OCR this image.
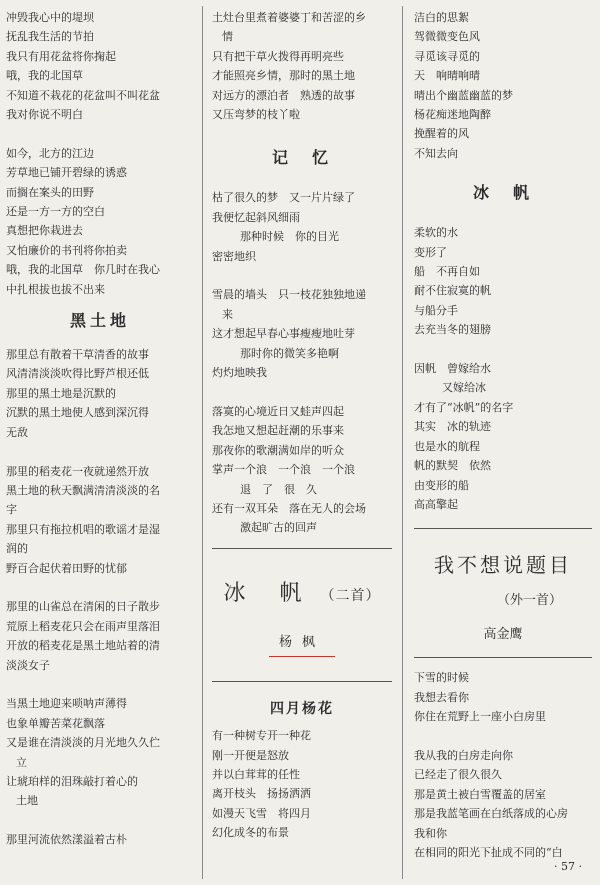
冲毁我心中的堤坝
抚乱我生活的节拍
我只有用花盆将你掬起
哦，我的北国草
不知道不栽花的花盆叫不叫花盆
我对你说不明白
如今，北方的江边
芳草地已铺开碧绿的诱惑
而搁在案头的田野
还是一方一方的空白
真想把你栽进去
又怕廉价的书刊将你拍卖
哦，我的北国草　你几时在我心
中扎根拔也拔不出来
黑土地
那里总有散着干草清香的故事
风清清淡淡吹得比野芦根还低
那里的黑土地是沉默的
沉默的黑土地使人感到深沉得
无敌
那里的稻麦花一夜就递然开放
黑土地的秋天飘满清清淡淡的名
字
那里只有拖拉机唱的歌谣才是湿
润的
野百合起伏着田野的忧郁
那里的山雀总在清闲的日子散步
荒原上稻麦花只会在雨声里落泪
开放的稻麦花是黑土地站着的清
淡淡女子
当黑土地迎来唢呐声薄得
也象单瓣苦菜花飘落
又是谁在清淡淡的月光地久久伫
立
让琥珀样的泪珠敲打着心的
土地
那里河流依然漾溢着古朴
土灶台里煮着婆婆丁和苦涩的乡
情
只有把干草火拨得再明亮些
才能照亮乡情，那时的黑土地
对远方的漂泊者　熟透的故事
又压弯梦的枝丫啦
记　忆
枯了很久的梦　又一片片绿了
我便忆起斜风细雨
那种时候　你的目光
密密地织
雪晨的墙头　只一枝花独独地递
来
这才想起早春心事瘦瘦地吐芽
那时你的微笑多艳啊
灼灼地映我
落寞的心境近日又蛙声四起
我怎地又想起赶潮的乐事来
那夜你的歌潮满如岸的听众
掌声一个浪　一个浪　一个浪
退　了　很　久
还有一双耳朵　落在无人的会场
激起旷古的回声
冰　帆 （二首）
杨枫
四月杨花
有一种树专开一种花
刚一开便是怒放
并以白茸茸的任性
离开枝头　扬扬洒洒
如漫天飞雪　将四月
幻化成冬的布景
洁白的思絮
驾微微变色风
寻觅该寻觅的
天　响晴响晴
晴出个幽蓝幽蓝的梦
杨花痴迷地陶醉
挽醒着的风
不知去向
冰　帆
柔软的水
变形了
船　不再自如
耐不住寂寞的帆
与船分手
去充当冬的翅膀
因帆　曾嫁给水
又嫁给冰
才有了“冰帆”的名字
其实　冰的轨迹
也是水的航程
帆的默契　依然
由变形的船
高高擎起
我不想说题目
（外一首）
高金鹰
下雪的时候
我想去看你
你住在荒野上一座小白房里
我从我的白房走向你
已经走了很久很久
那是黄土被白雪覆盖的居室
那是我蓝笔画在白纸落成的心房
我和你
在相同的阳光下扯成不同的“白
· 57 ·
